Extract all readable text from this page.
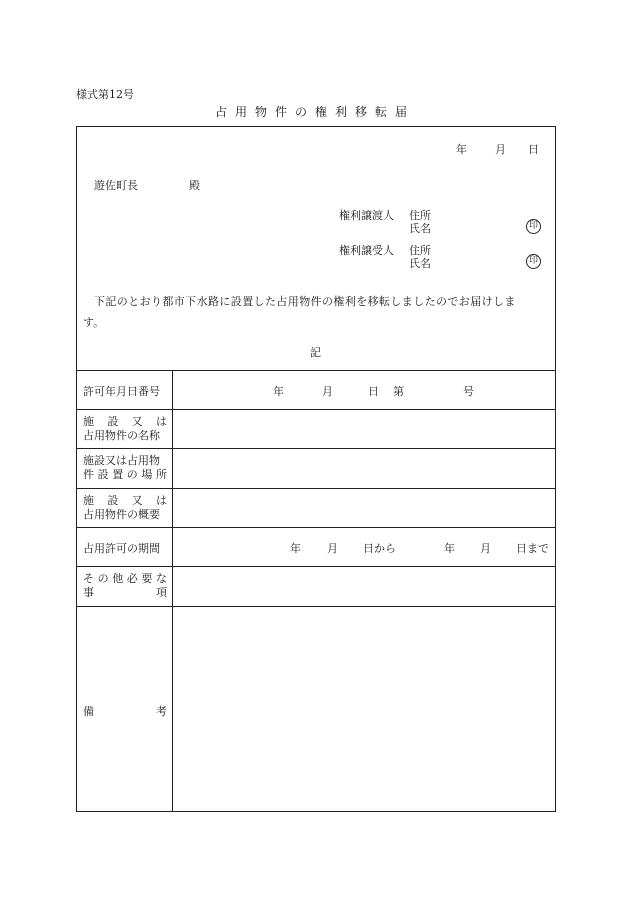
様式第12号
占用物件の権利移転届
年	月 日
遊佐町長	殿
権利譲渡人 住所
氏名	印
権利譲受人 住所
氏名	印
下記のとおり都市下水路に設置した占用物件の権利を移転しましたのでお届けしま
す。
記
許可年月日番号	年	月	日 第	号
施 設 又 は
占用物件の名称
施設又は占用物
件 設 置 の 場 所
施 設 又 は
占用物件の概要
占用許可の期間	年 月 日から	年 月 日まで
そ の 他 必 要 な
事	項
備	考
